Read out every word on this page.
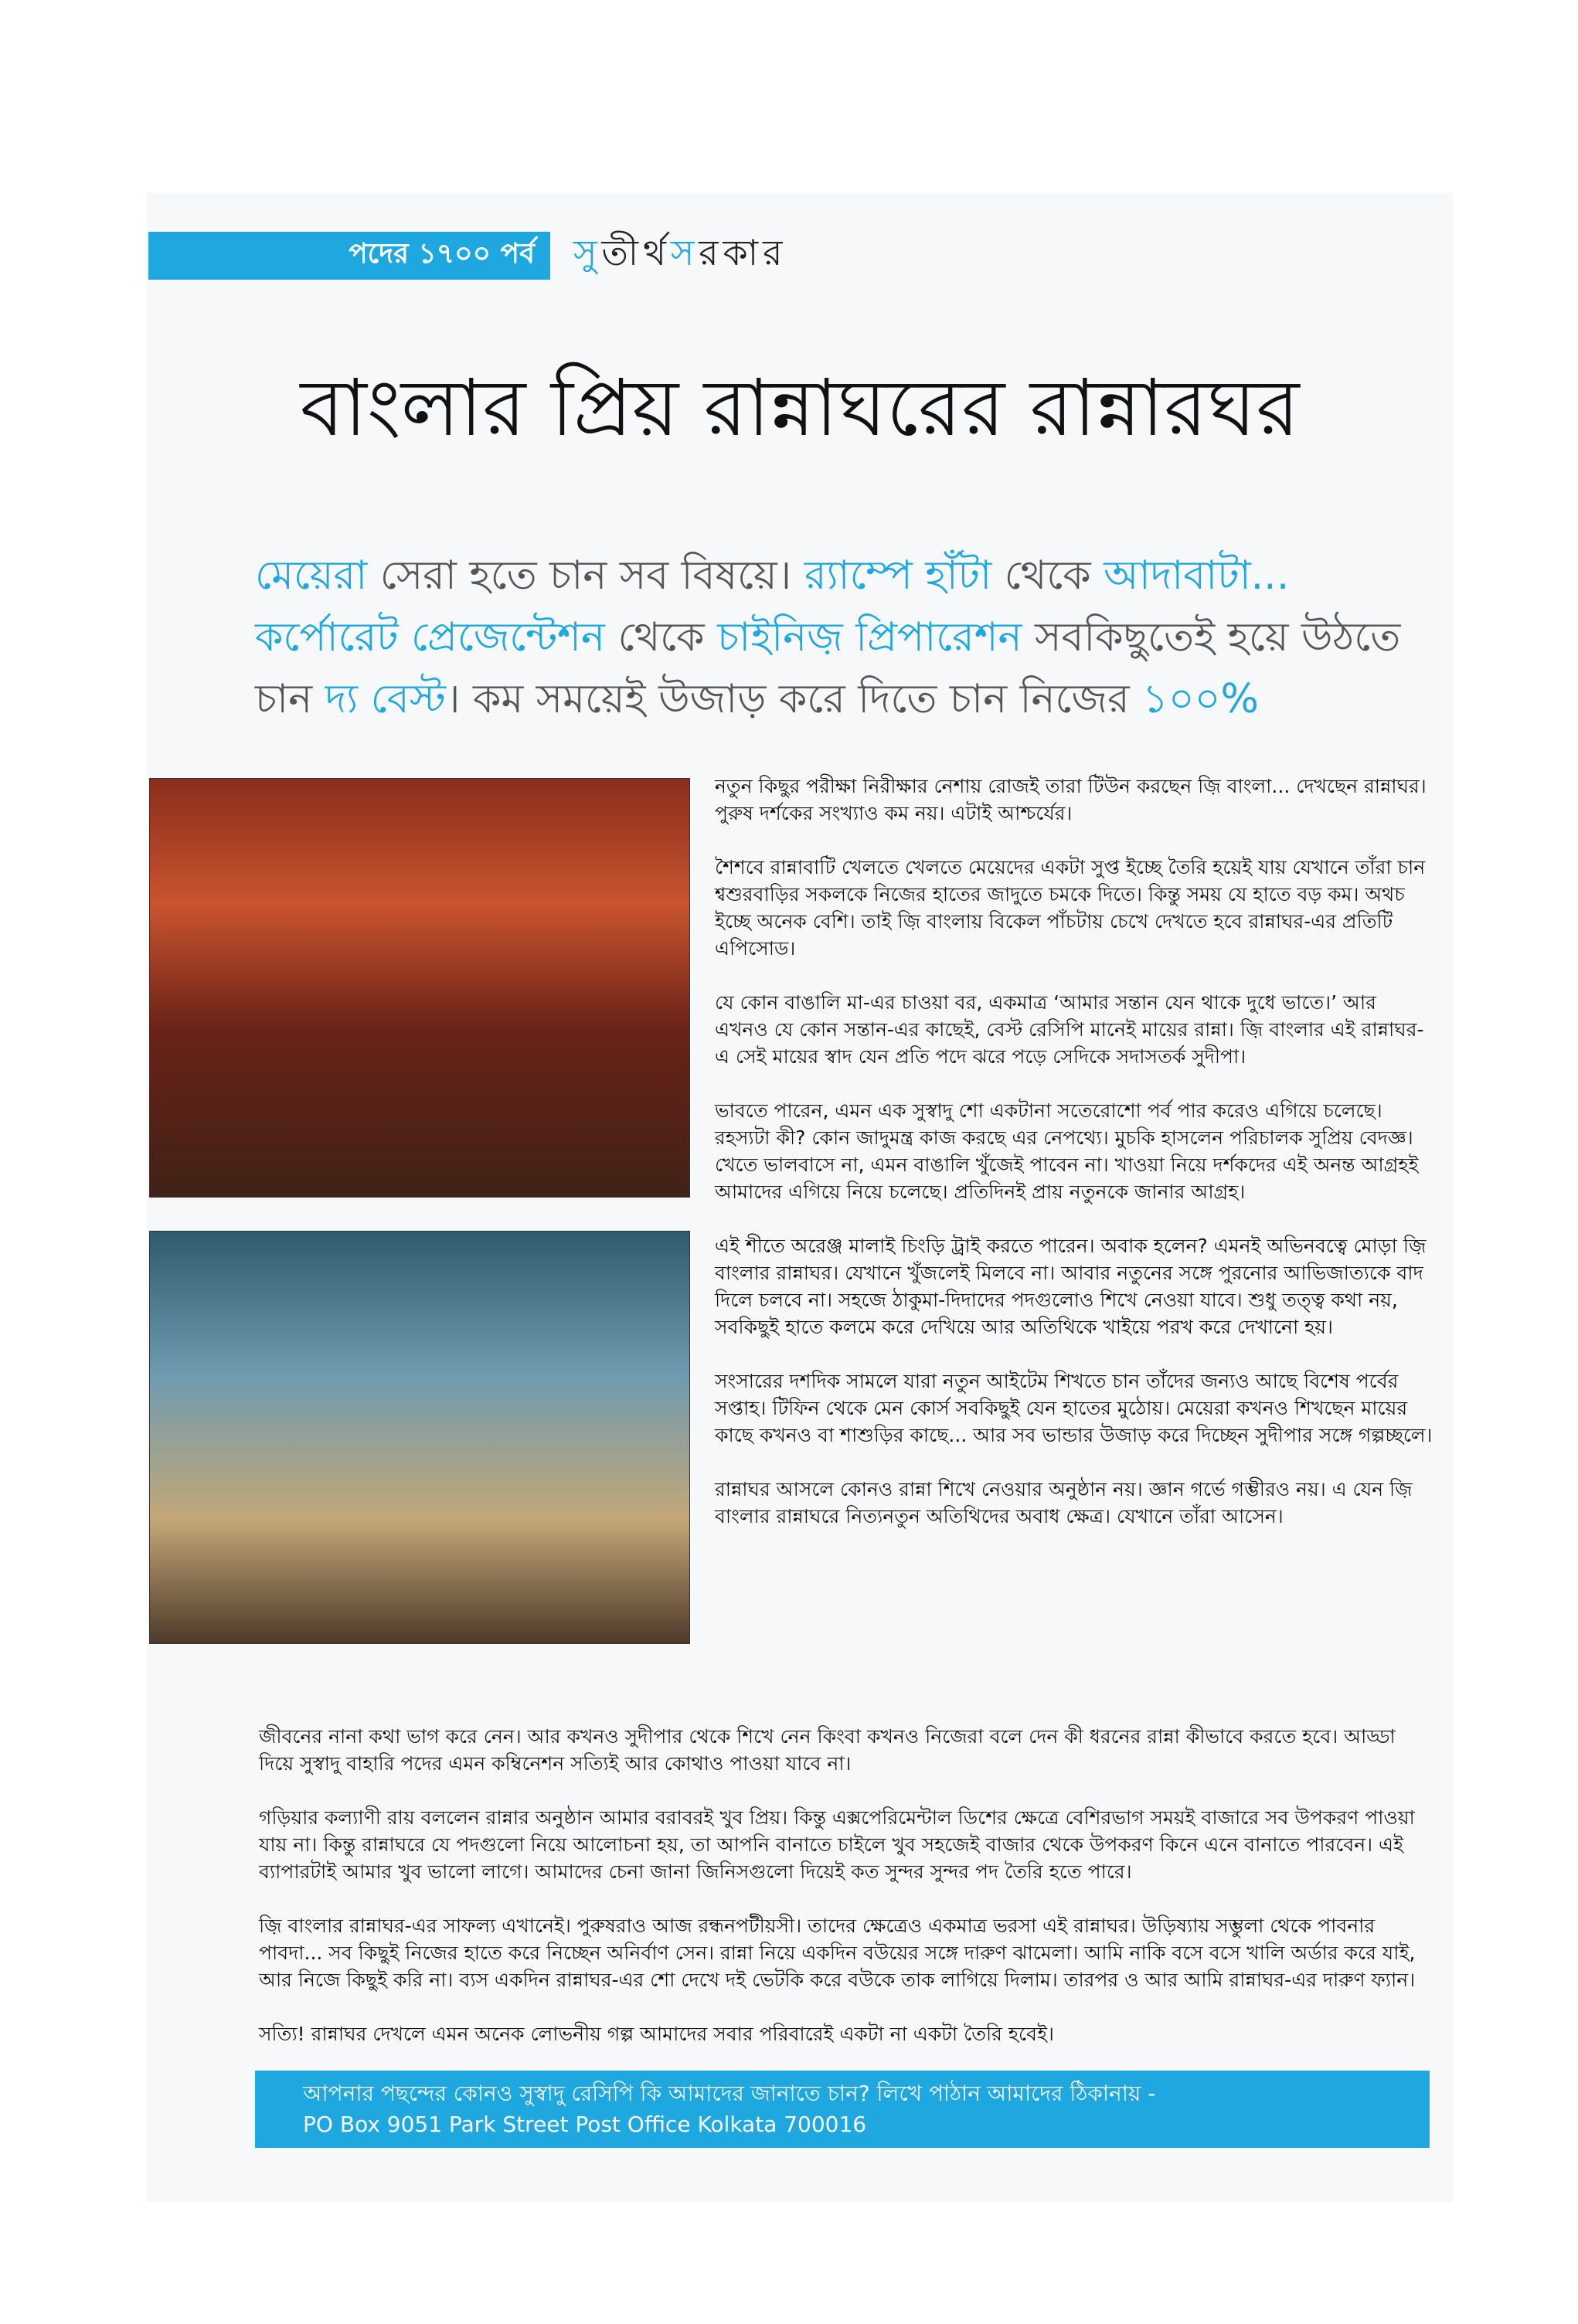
পদের ১৭০০ পর্ব	সু তীর্থ স রকার
বাংলার প্রিয় রান্নাঘরের রান্নারঘর
মেয়েরা সেরা হতে চান সব বিষয়ে। র‍্যাম্পে হাঁটা থেকে আদাবাটা... কর্পোরেট প্রেজেন্টেশন থেকে চাইনিজ় প্রিপারেশন সবকিছুতেই হয়ে উঠতে চান দ্য বেস্ট। কম সময়েই উজাড় করে দিতে চান নিজের ১০০%

নতুন কিছুর পরীক্ষা নিরীক্ষার নেশায় রোজই তারা টিউন করছেন জ়ি বাংলা... দেখছেন রান্নাঘর। পুরুষ দর্শকের সংখ্যাও কম নয়। এটাই আশ্চর্যের।

শৈশবে রান্নাবাটি খেলতে খেলতে মেয়েদের একটা সুপ্ত ইচ্ছে তৈরি হয়েই যায় যেখানে তাঁরা চান শ্বশুরবাড়ির সকলকে নিজের হাতের জাদুতে চমকে দিতে। কিন্তু সময় যে হাতে বড় কম। অথচ ইচ্ছে অনেক বেশি। তাই জ়ি বাংলায় বিকেল পাঁচটায় চেখে দেখতে হবে রান্নাঘর-এর প্রতিটি এপিসোড।

যে কোন বাঙালি মা-এর চাওয়া বর, একমাত্র ‘আমার সন্তান যেন থাকে দুধে ভাতে।’ আর এখনও যে কোন সন্তান-এর কাছেই, বেস্ট রেসিপি মানেই মায়ের রান্না। জ়ি বাংলার এই রান্নাঘর-এ সেই মায়ের স্বাদ যেন প্রতি পদে ঝরে পড়ে সেদিকে সদাসতর্ক সুদীপা।

ভাবতে পারেন, এমন এক সুস্বাদু শো একটানা সতেরোশো পর্ব পার করেও এগিয়ে চলেছে। রহস্যটা কী? কোন জাদুমন্ত্র কাজ করছে এর নেপথ্যে। মুচকি হাসলেন পরিচালক সুপ্রিয় বেদজ্ঞ। খেতে ভালবাসে না, এমন বাঙালি খুঁজেই পাবেন না। খাওয়া নিয়ে দর্শকদের এই অনন্ত আগ্রহই আমাদের এগিয়ে নিয়ে চলেছে। প্রতিদিনই প্রায় নতুনকে জানার আগ্রহ।

এই শীতে অরেঞ্জ মালাই চিংড়ি ট্রাই করতে পারেন। অবাক হলেন? এমনই অভিনবত্বে মোড়া জ়ি বাংলার রান্নাঘর। যেখানে খুঁজলেই মিলবে না। আবার নতুনের সঙ্গে পুরনোর আভিজাত্যকে বাদ দিলে চলবে না। সহজে ঠাকুমা-দিদাদের পদগুলোও শিখে নেওয়া যাবে। শুধু তত্ত্ব কথা নয়, সবকিছুই হাতে কলমে করে দেখিয়ে আর অতিথিকে খাইয়ে পরখ করে দেখানো হয়।

সংসারের দশদিক সামলে যারা নতুন আইটেম শিখতে চান তাঁদের জন্যও আছে বিশেষ পর্বের সপ্তাহ। টিফিন থেকে মেন কোর্স সবকিছুই যেন হাতের মুঠোয়। মেয়েরা কখনও শিখছেন মায়ের কাছে কখনও বা শাশুড়ির কাছে... আর সব ভান্ডার উজাড় করে দিচ্ছেন সুদীপার সঙ্গে গল্পচ্ছলে।

রান্নাঘর আসলে কোনও রান্না শিখে নেওয়ার অনুষ্ঠান নয়। জ্ঞান গর্ভে গম্ভীরও নয়। এ যেন জ়ি বাংলার রান্নাঘরে নিত্যনতুন অতিথিদের অবাধ ক্ষেত্র। যেখানে তাঁরা আসেন।

জীবনের নানা কথা ভাগ করে নেন। আর কখনও সুদীপার থেকে শিখে নেন কিংবা কখনও নিজেরা বলে দেন কী ধরনের রান্না কীভাবে করতে হবে। আড্ডা দিয়ে সুস্বাদু বাহারি পদের এমন কম্বিনেশন সত্যিই আর কোথাও পাওয়া যাবে না।

গড়িয়ার কল্যাণী রায় বললেন রান্নার অনুষ্ঠান আমার বরাবরই খুব প্রিয়। কিন্তু এক্সপেরিমেন্টাল ডিশের ক্ষেত্রে বেশিরভাগ সময়ই বাজারে সব উপকরণ পাওয়া যায় না। কিন্তু রান্নাঘরে যে পদগুলো নিয়ে আলোচনা হয়, তা আপনি বানাতে চাইলে খুব সহজেই বাজার থেকে উপকরণ কিনে এনে বানাতে পারবেন। এই ব্যাপারটাই আমার খুব ভালো লাগে। আমাদের চেনা জানা জিনিসগুলো দিয়েই কত সুন্দর সুন্দর পদ তৈরি হতে পারে।

জ়ি বাংলার রান্নাঘর-এর সাফল্য এখানেই। পুরুষরাও আজ রন্ধনপটীয়সী। তাদের ক্ষেত্রেও একমাত্র ভরসা এই রান্নাঘর। উড়িষ্যায় সম্ভুলা থেকে পাবনার পাবদা... সব কিছুই নিজের হাতে করে নিচ্ছেন অনির্বাণ সেন। রান্না নিয়ে একদিন বউয়ের সঙ্গে দারুণ ঝামেলা। আমি নাকি বসে বসে খালি অর্ডার করে যাই, আর নিজে কিছুই করি না। ব্যস একদিন রান্নাঘর-এর শো দেখে দই ভেটকি করে বউকে তাক লাগিয়ে দিলাম। তারপর ও আর আমি রান্নাঘর-এর দারুণ ফ্যান।

সত্যি! রান্নাঘর দেখলে এমন অনেক লোভনীয় গল্প আমাদের সবার পরিবারেই একটা না একটা তৈরি হবেই।

আপনার পছন্দের কোনও সুস্বাদু রেসিপি কি আমাদের জানাতে চান? লিখে পাঠান আমাদের ঠিকানায় -
PO Box 9051 Park Street Post Office Kolkata 700016
